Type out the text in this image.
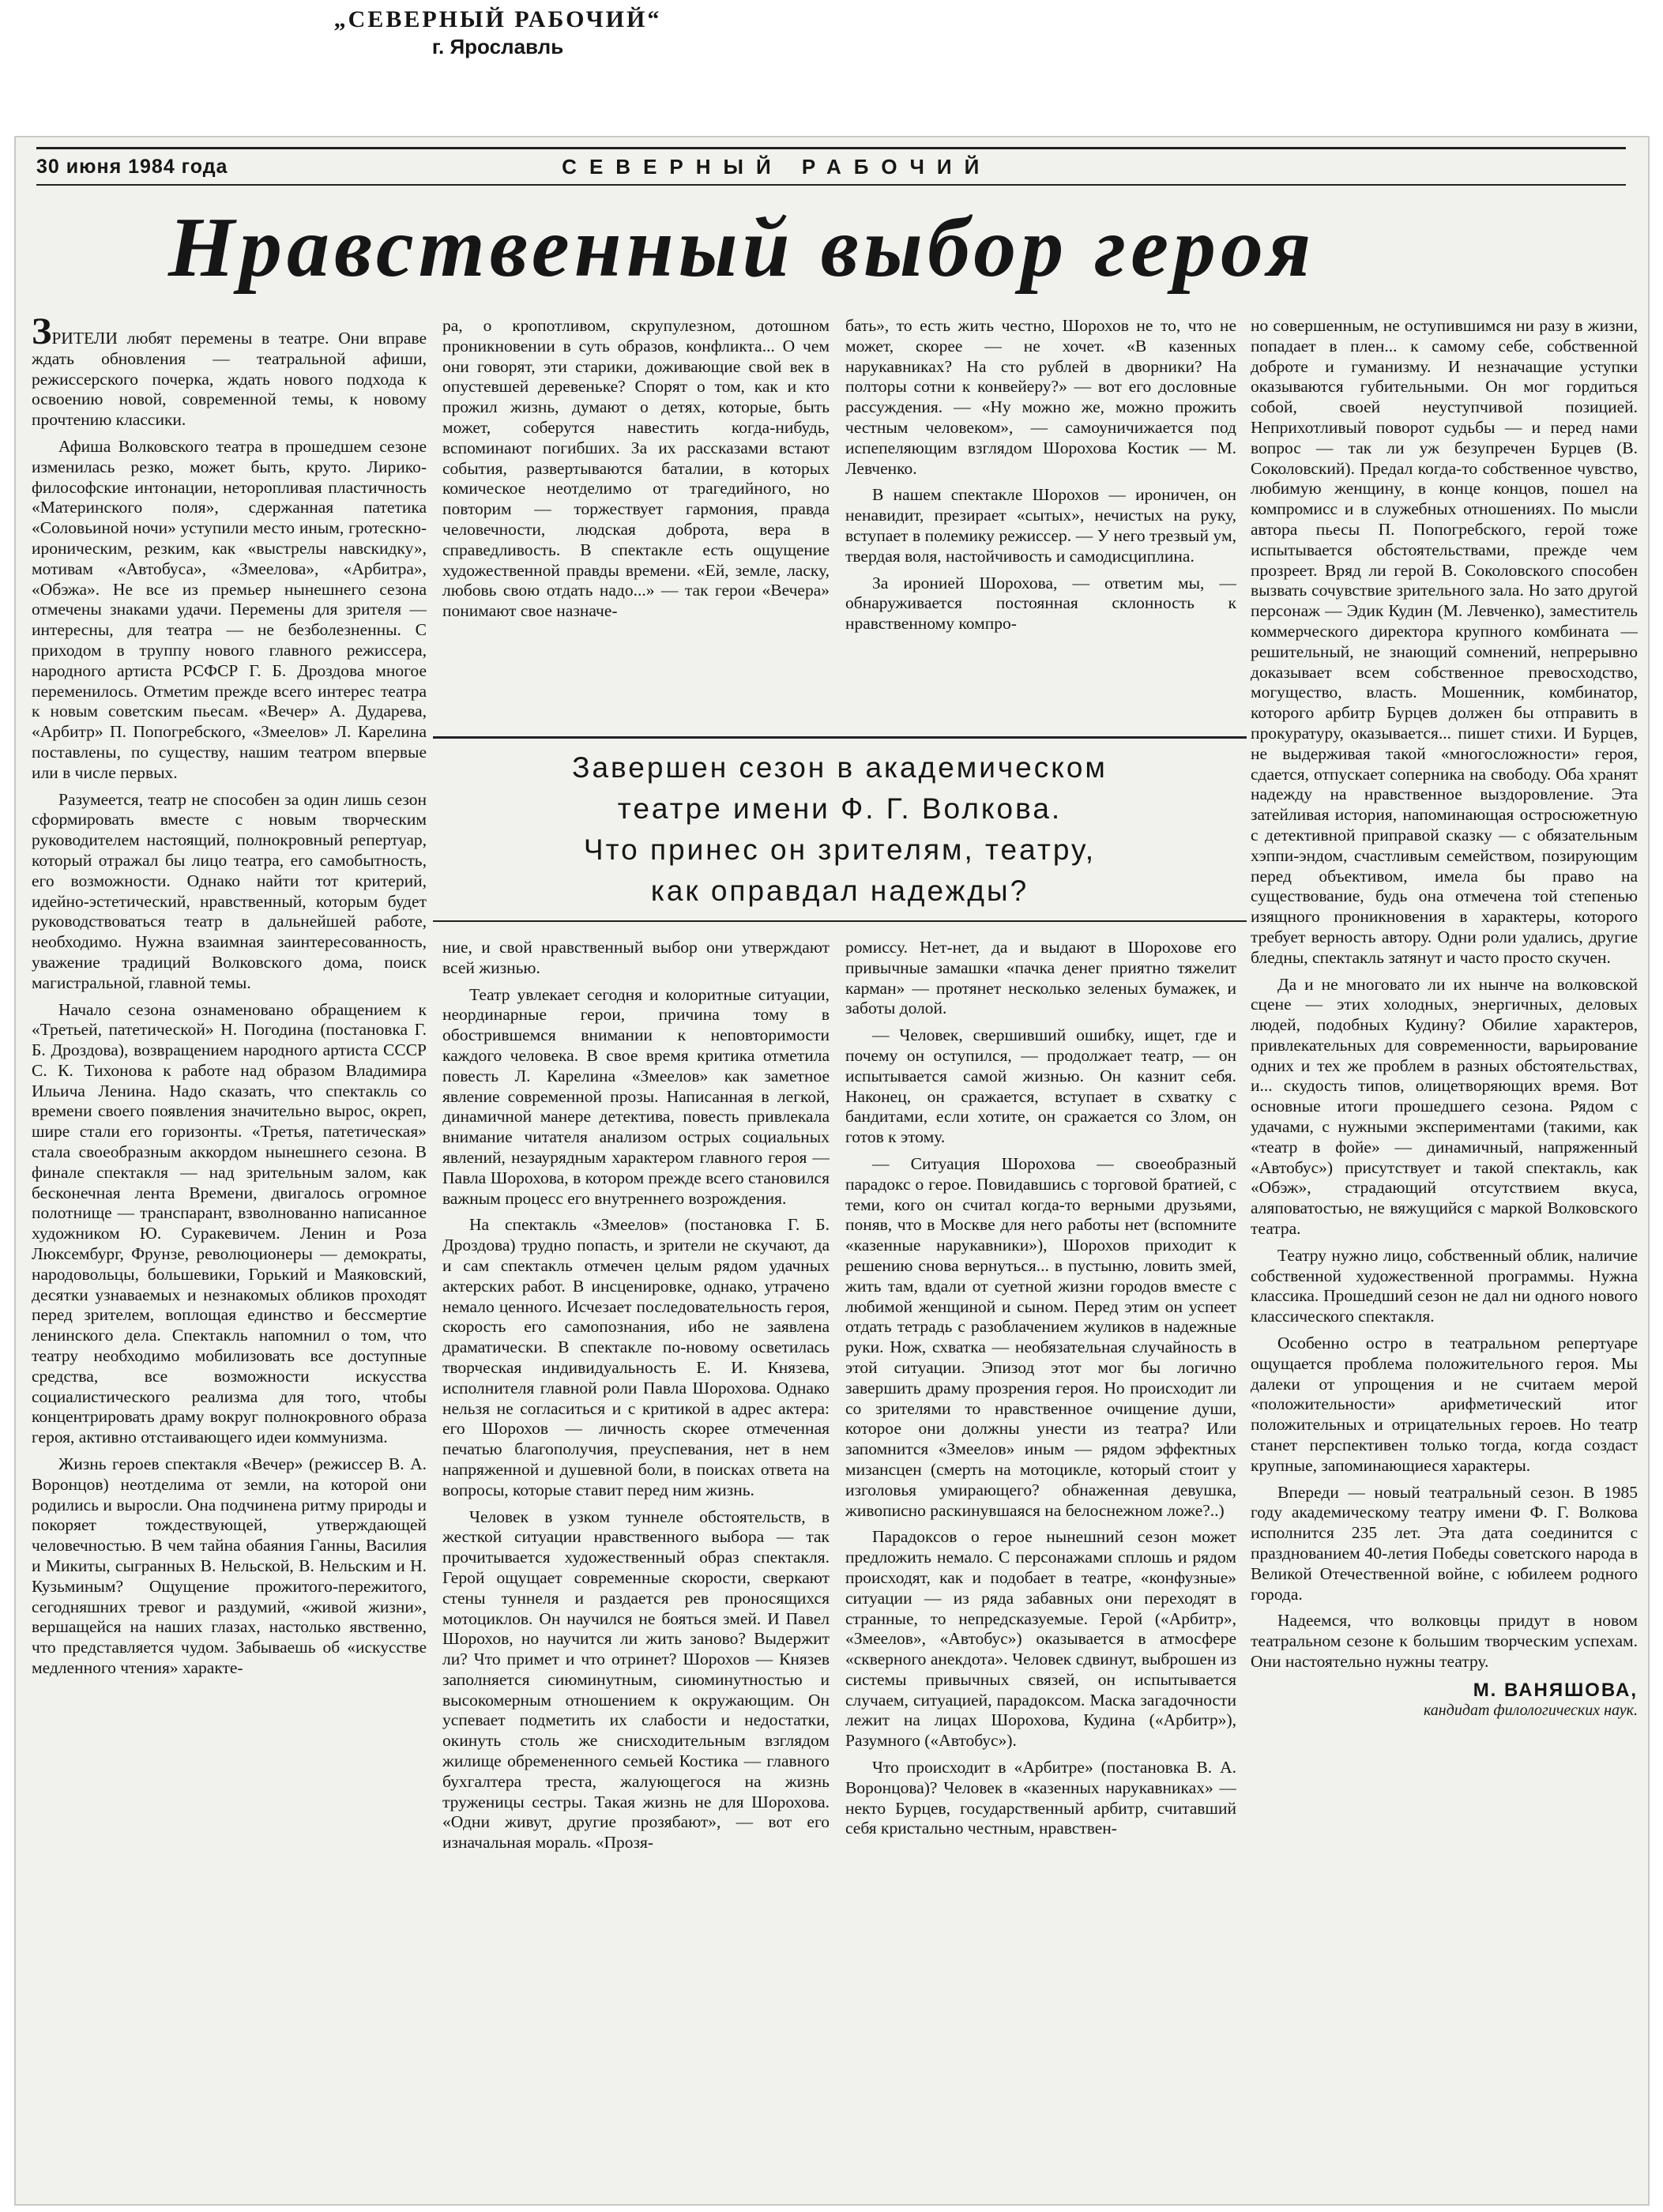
„СЕВЕРНЫЙ РАБОЧИЙ“
г. Ярославль
30 июня 1984 года	СЕВЕРНЫЙ РАБОЧИЙ
Нравственный выбор героя

ЗРИТЕЛИ любят перемены в театре. Они вправе ждать обновления — театральной афиши, режиссерского почерка, ждать нового подхода к освоению новой, современной темы, к новому прочтению классики.

Афиша Волковского театра в прошедшем сезоне изменилась резко, может быть, круто. Лирико-философские интонации, неторопливая пластичность «Материнского поля», сдержанная патетика «Соловьиной ночи» уступили место иным, гротескно-ироническим, резким, как «выстрелы навскидку», мотивам «Автобуса», «Змеелова», «Арбитра», «Обэжа». Не все из премьер нынешнего сезона отмечены знаками удачи. Перемены для зрителя — интересны, для театра — не безболезненны. С приходом в труппу нового главного режиссера, народного артиста РСФСР Г. Б. Дроздова многое переменилось. Отметим прежде всего интерес театра к новым советским пьесам. «Вечер» А. Дударева, «Арбитр» П. Попогребского, «Змеелов» Л. Карелина поставлены, по существу, нашим театром впервые или в числе первых.

Разумеется, театр не способен за один лишь сезон сформировать вместе с новым творческим руководителем настоящий, полнокровный репертуар, который отражал бы лицо театра, его самобытность, его возможности. Однако найти тот критерий, идейно-эстетический, нравственный, которым будет руководствоваться театр в дальнейшей работе, необходимо. Нужна взаимная заинтересованность, уважение традиций Волковского дома, поиск магистральной, главной темы.

Начало сезона ознаменовано обращением к «Третьей, патетической» Н. Погодина (постановка Г. Б. Дроздова), возвращением народного артиста СССР С. К. Тихонова к работе над образом Владимира Ильича Ленина. Надо сказать, что спектакль со времени своего появления значительно вырос, окреп, шире стали его горизонты. «Третья, патетическая» стала своеобразным аккордом нынешнего сезона. В финале спектакля — над зрительным залом, как бесконечная лента Времени, двигалось огромное полотнище — транспарант, взволнованно написанное художником Ю. Суракевичем. Ленин и Роза Люксембург, Фрунзе, революционеры — демократы, народовольцы, большевики, Горький и Маяковский, десятки узнаваемых и незнакомых обликов проходят перед зрителем, воплощая единство и бессмертие ленинского дела. Спектакль напомнил о том, что театру необходимо мобилизовать все доступные средства, все возможности искусства социалистического реализма для того, чтобы концентрировать драму вокруг полнокровного образа героя, активно отстаивающего идеи коммунизма.

Жизнь героев спектакля «Вечер» (режиссер В. А. Воронцов) неотделима от земли, на которой они родились и выросли. Она подчинена ритму природы и покоряет тождествующей, утверждающей человечностью. В чем тайна обаяния Ганны, Василия и Микиты, сыгранных В. Нельской, В. Нельским и Н. Кузьминым? Ощущение прожитого-пережитого, сегодняшних тревог и раздумий, «живой жизни», вершащейся на наших глазах, настолько явственно, что представляется чудом. Забываешь об «искусстве медленного чтения» характе-

ра, о кропотливом, скрупулезном, дотошном проникновении в суть образов, конфликта... О чем они говорят, эти старики, доживающие свой век в опустевшей деревеньке? Спорят о том, как и кто прожил жизнь, думают о детях, которые, быть может, соберутся навестить когда-нибудь, вспоминают погибших. За их рассказами встают события, развертываются баталии, в которых комическое неотделимо от трагедийного, но повторим — торжествует гармония, правда человечности, людская доброта, вера в справедливость. В спектакле есть ощущение художественной правды времени. «Ей, земле, ласку, любовь свою отдать надо...» — так герои «Вечера» понимают свое назначе-

бать», то есть жить честно, Шорохов не то, что не может, скорее — не хочет. «В казенных нарукавниках? На сто рублей в дворники? На полторы сотни к конвейеру?» — вот его дословные рассуждения. — «Ну можно же, можно прожить честным человеком», — самоуничижается под испепеляющим взглядом Шорохова Костик — М. Левченко.

В нашем спектакле Шорохов — ироничен, он ненавидит, презирает «сытых», нечистых на руку, вступает в полемику режиссер. — У него трезвый ум, твердая воля, настойчивость и самодисциплина.

За иронией Шорохова, — ответим мы, — обнаруживается постоянная склонность к нравственному компро-

Завершен сезон в академическом
театре имени Ф. Г. Волкова.
Что принес он зрителям, театру,
как оправдал надежды?

ние, и свой нравственный выбор они утверждают всей жизнью.

Театр увлекает сегодня и колоритные ситуации, неординарные герои, причина тому в обострившемся внимании к неповторимости каждого человека. В свое время критика отметила повесть Л. Карелина «Змеелов» как заметное явление современной прозы. Написанная в легкой, динамичной манере детектива, повесть привлекала внимание читателя анализом острых социальных явлений, незаурядным характером главного героя — Павла Шорохова, в котором прежде всего становился важным процесс его внутреннего возрождения.

На спектакль «Змеелов» (постановка Г. Б. Дроздова) трудно попасть, и зрители не скучают, да и сам спектакль отмечен целым рядом удачных актерских работ. В инсценировке, однако, утрачено немало ценного. Исчезает последовательность героя, скорость его самопознания, ибо не заявлена драматически. В спектакле по-новому осветилась творческая индивидуальность Е. И. Князева, исполнителя главной роли Павла Шорохова. Однако нельзя не согласиться и с критикой в адрес актера: его Шорохов — личность скорее отмеченная печатью благополучия, преуспевания, нет в нем напряженной и душевной боли, в поисках ответа на вопросы, которые ставит перед ним жизнь.

Человек в узком туннеле обстоятельств, в жесткой ситуации нравственного выбора — так прочитывается художественный образ спектакля. Герой ощущает современные скорости, сверкают стены туннеля и раздается рев проносящихся мотоциклов. Он научился не бояться змей. И Павел Шорохов, но научится ли жить заново? Выдержит ли? Что примет и что отринет? Шорохов — Князев заполняется сиюминутным, сиюминутностью и высокомерным отношением к окружающим. Он успевает подметить их слабости и недостатки, окинуть столь же снисходительным взглядом жилище обремененного семьей Костика — главного бухгалтера треста, жалующегося на жизнь труженицы сестры. Такая жизнь не для Шорохова. «Одни живут, другие прозябают», — вот его изначальная мораль. «Прозя-

ромиссу. Нет-нет, да и выдают в Шорохове его привычные замашки «пачка денег приятно тяжелит карман» — протянет несколько зеленых бумажек, и заботы долой.

— Человек, свершивший ошибку, ищет, где и почему он оступился, — продолжает театр, — он испытывается самой жизнью. Он казнит себя. Наконец, он сражается, вступает в схватку с бандитами, если хотите, он сражается со Злом, он готов к этому.

— Ситуация Шорохова — своеобразный парадокс о герое. Повидавшись с торговой братией, с теми, кого он считал когда-то верными друзьями, поняв, что в Москве для него работы нет (вспомните «казенные нарукавники»), Шорохов приходит к решению снова вернуться... в пустыню, ловить змей, жить там, вдали от суетной жизни городов вместе с любимой женщиной и сыном. Перед этим он успеет отдать тетрадь с разоблачением жуликов в надежные руки. Нож, схватка — необязательная случайность в этой ситуации. Эпизод этот мог бы логично завершить драму прозрения героя. Но происходит ли со зрителями то нравственное очищение души, которое они должны унести из театра? Или запомнится «Змеелов» иным — рядом эффектных мизансцен (смерть на мотоцикле, который стоит у изголовья умирающего? обнаженная девушка, живописно раскинувшаяся на белоснежном ложе?..)

Парадоксов о герое нынешний сезон может предложить немало. С персонажами сплошь и рядом происходят, как и подобает в театре, «конфузные» ситуации — из ряда забавных они переходят в странные, то непредсказуемые. Герой («Арбитр», «Змеелов», «Автобус») оказывается в атмосфере «скверного анекдота». Человек сдвинут, выброшен из системы привычных связей, он испытывается случаем, ситуацией, парадоксом. Маска загадочности лежит на лицах Шорохова, Кудина («Арбитр»), Разумного («Автобус»).

Что происходит в «Арбитре» (постановка В. А. Воронцова)? Человек в «казенных нарукавниках» — некто Бурцев, государственный арбитр, считавший себя кристально честным, нравствен-

но совершенным, не оступившимся ни разу в жизни, попадает в плен... к самому себе, собственной доброте и гуманизму. И незначащие уступки оказываются губительными. Он мог гордиться собой, своей неуступчивой позицией. Неприхотливый поворот судьбы — и перед нами вопрос — так ли уж безупречен Бурцев (В. Соколовский). Предал когда-то собственное чувство, любимую женщину, в конце концов, пошел на компромисс и в служебных отношениях. По мысли автора пьесы П. Попогребского, герой тоже испытывается обстоятельствами, прежде чем прозреет. Вряд ли герой В. Соколовского способен вызвать сочувствие зрительного зала. Но зато другой персонаж — Эдик Кудин (М. Левченко), заместитель коммерческого директора крупного комбината — решительный, не знающий сомнений, непрерывно доказывает всем собственное превосходство, могущество, власть. Мошенник, комбинатор, которого арбитр Бурцев должен бы отправить в прокуратуру, оказывается... пишет стихи. И Бурцев, не выдерживая такой «многосложности» героя, сдается, отпускает соперника на свободу. Оба хранят надежду на нравственное выздоровление. Эта затейливая история, напоминающая остросюжетную с детективной приправой сказку — с обязательным хэппи-эндом, счастливым семейством, позирующим перед объективом, имела бы право на существование, будь она отмечена той степенью изящного проникновения в характеры, которого требует верность автору. Одни роли удались, другие бледны, спектакль затянут и часто просто скучен.

Да и не многовато ли их нынче на волковской сцене — этих холодных, энергичных, деловых людей, подобных Кудину? Обилие характеров, привлекательных для современности, варьирование одних и тех же проблем в разных обстоятельствах, и... скудость типов, олицетворяющих время. Вот основные итоги прошедшего сезона. Рядом с удачами, с нужными экспериментами (такими, как «театр в фойе» — динамичный, напряженный «Автобус») присутствует и такой спектакль, как «Обэж», страдающий отсутствием вкуса, аляповатостью, не вяжущийся с маркой Волковского театра.

Театру нужно лицо, собственный облик, наличие собственной художественной программы. Нужна классика. Прошедший сезон не дал ни одного нового классического спектакля.

Особенно остро в театральном репертуаре ощущается проблема положительного героя. Мы далеки от упрощения и не считаем мерой «положительности» арифметический итог положительных и отрицательных героев. Но театр станет перспективен только тогда, когда создаст крупные, запоминающиеся характеры.

Впереди — новый театральный сезон. В 1985 году академическому театру имени Ф. Г. Волкова исполнится 235 лет. Эта дата соединится с празднованием 40-летия Победы советского народа в Великой Отечественной войне, с юбилеем родного города.

Надеемся, что волковцы придут в новом театральном сезоне к большим творческим успехам. Они настоятельно нужны театру.

М. ВАНЯШОВА,
кандидат филологических наук.
